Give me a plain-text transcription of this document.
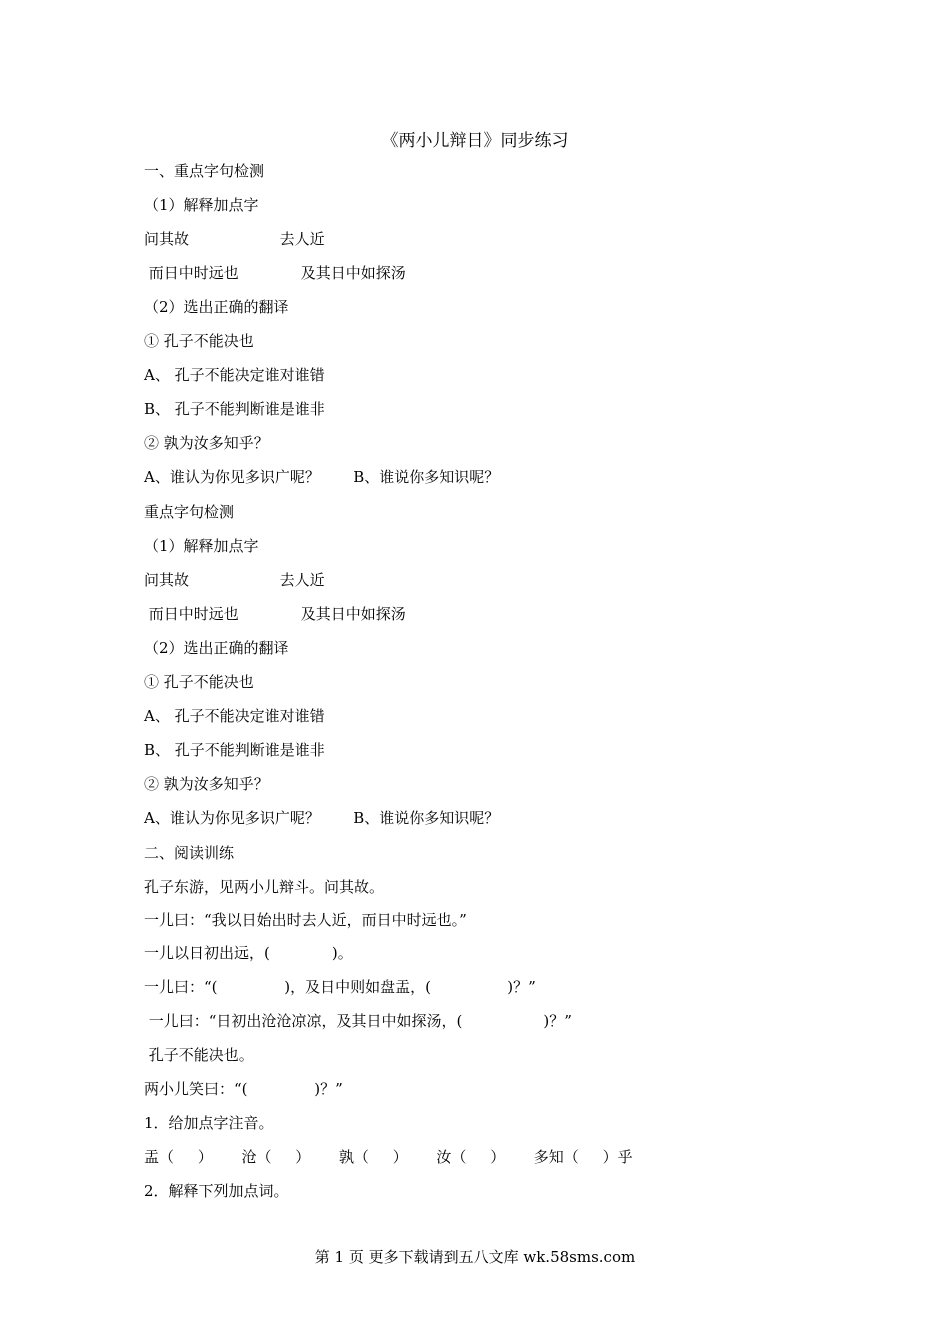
《两小儿辩日》同步练习
一、重点字句检测
（1）解释加点字
问其故                   去人近
而日中时远也             及其日中如探汤
（2）选出正确的翻译
① 孔子不能决也
A、 孔子不能决定谁对谁错
B、 孔子不能判断谁是谁非
② 孰为汝多知乎？
A、谁认为你见多识广呢？       B、谁说你多知识呢？
重点字句检测
（1）解释加点字
问其故                   去人近
而日中时远也             及其日中如探汤
（2）选出正确的翻译
① 孔子不能决也
A、 孔子不能决定谁对谁错
B、 孔子不能判断谁是谁非
② 孰为汝多知乎？
A、谁认为你见多识广呢？       B、谁说你多知识呢？
二、阅读训练
孔子东游，见两小儿辩斗。问其故。
一儿曰：“我以日始出时去人近，而日中时远也。”
一儿以日初出远，(             )。
一儿曰：“(              )，及日中则如盘盂，(                )？”
一儿曰：“日初出沧沧凉凉，及其日中如探汤，(                 )？”
孔子不能决也。
两小儿笑曰：“(              )？”
1．给加点字注音。
盂（     ）      沧（     ）      孰（     ）      汝（     ）      多知（     ）乎
2．解释下列加点词。
第 1 页 更多下载请到五八文库 wk.58sms.com
